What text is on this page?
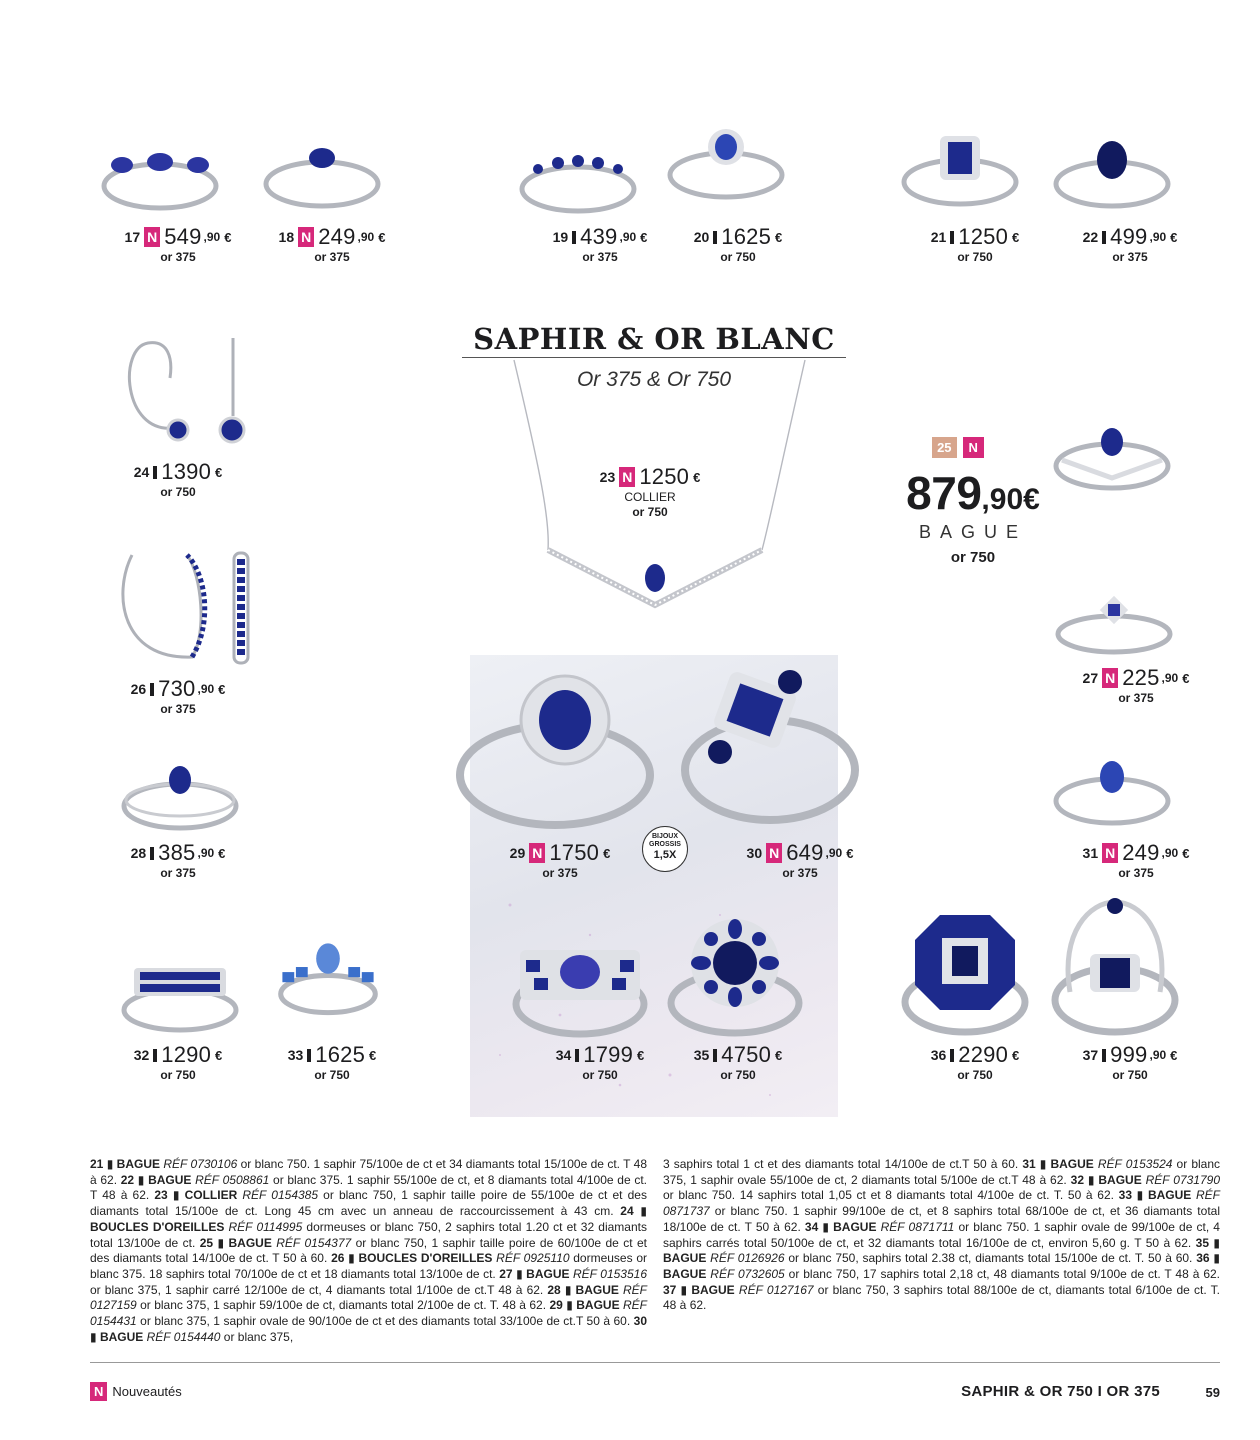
SAPHIR & OR BLANC
Or 375 & Or 750
BIJOUX
GROSSIS
1,5X
17 N 549 ,90 €
or 375
18 N 249 ,90 €
or 375
19 439 ,90 €
or 375
20 1625 €
or 750
21 1250 €
or 750
22 499 ,90 €
or 375
24 1390 €
or 750
23 N 1250 €
COLLIER
or 750
26 730 ,90 €
or 375
27 N 225 ,90 €
or 375
28 385 ,90 €
or 375
29 N 1750 €
or 375
30 N 649 ,90 €
or 375
31 N 249 ,90 €
or 375
32 1290 €
or 750
33 1625 €
or 750
34 1799 €
or 750
35 4750 €
or 750
36 2290 €
or 750
37 999 ,90 €
or 750
25	N
879,90€
BAGUE
or 750
21 ▮ BAGUE RÉF 0730106 or blanc 750. 1 saphir 75/100e de ct et 34 diamants total 15/100e de ct. T 48 à 62. 22 ▮ BAGUE RÉF 0508861 or blanc 375. 1 saphir 55/100e de ct, et 8 diamants total 4/100e de ct. T 48 à 62. 23 ▮ COLLIER RÉF 0154385 or blanc 750, 1 saphir taille poire de 55/100e de ct et des diamants total 15/100e de ct. Long 45 cm avec un anneau de raccourcissement à 43 cm. 24 ▮ BOUCLES D'OREILLES RÉF 0114995 dormeuses or blanc 750, 2 saphirs total 1.20 ct et 32 diamants total 13/100e de ct. 25 ▮ BAGUE RÉF 0154377 or blanc 750, 1 saphir taille poire de 60/100e de ct et des diamants total 14/100e de ct. T 50 à 60. 26 ▮ BOUCLES D'OREILLES RÉF 0925110 dormeuses or blanc 375. 18 saphirs total 70/100e de ct et 18 diamants total 13/100e de ct. 27 ▮ BAGUE RÉF 0153516 or blanc 375, 1 saphir carré 12/100e de ct, 4 diamants total 1/100e de ct.T 48 à 62. 28 ▮ BAGUE RÉF 0127159 or blanc 375, 1 saphir 59/100e de ct, diamants total 2/100e de ct. T. 48 à 62. 29 ▮ BAGUE RÉF 0154431 or blanc 375, 1 saphir ovale de 90/100e de ct et des diamants total 33/100e de ct.T 50 à 60. 30 ▮ BAGUE RÉF 0154440 or blanc 375,
3 saphirs total 1 ct et des diamants total 14/100e de ct.T 50 à 60. 31 ▮ BAGUE RÉF 0153524 or blanc 375, 1 saphir ovale 55/100e de ct, 2 diamants total 5/100e de ct.T 48 à 62. 32 ▮ BAGUE RÉF 0731790 or blanc 750. 14 saphirs total 1,05 ct et 8 diamants total 4/100e de ct. T. 50 à 62. 33 ▮ BAGUE RÉF 0871737 or blanc 750. 1 saphir 99/100e de ct, et 8 saphirs total 68/100e de ct, et 36 diamants total 18/100e de ct. T 50 à 62. 34 ▮ BAGUE RÉF 0871711 or blanc 750. 1 saphir ovale de 99/100e de ct, 4 saphirs carrés total 50/100e de ct, et 32 diamants total 16/100e de ct, environ 5,60 g. T 50 à 62. 35 ▮ BAGUE RÉF 0126926 or blanc 750, saphirs total 2.38 ct, diamants total 15/100e de ct. T. 50 à 60. 36 ▮ BAGUE RÉF 0732605 or blanc 750, 17 saphirs total 2,18 ct, 48 diamants total 9/100e de ct. T 48 à 62. 37 ▮ BAGUE RÉF 0127167 or blanc 750, 3 saphirs total 88/100e de ct, diamants total 6/100e de ct. T. 48 à 62.
N Nouveautés	SAPHIR & OR 750 I OR 375	59
